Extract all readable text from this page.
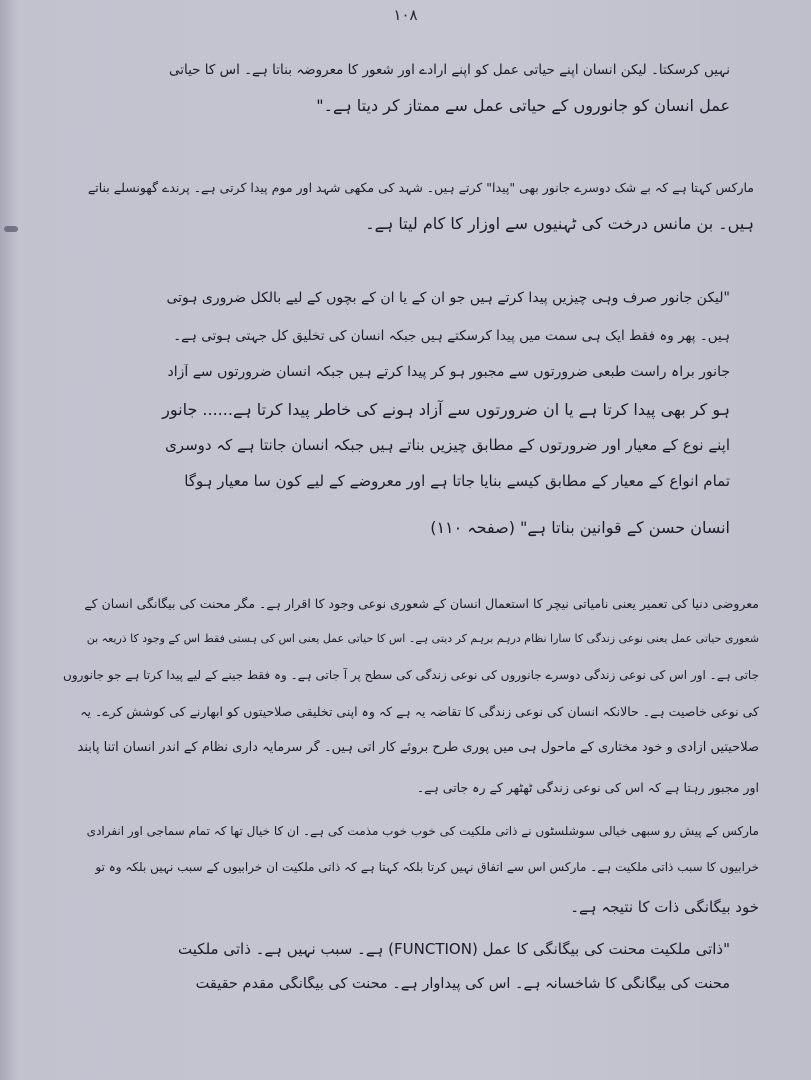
١٠٨
نہیں کرسکتا۔ لیکن انسان اپنے حیاتی عمل کو اپنے ارادے اور شعور کا معروضہ بناتا ہے۔ اس کا حیاتی
عمل انسان کو جانوروں کے حیاتی عمل سے ممتاز کر دیتا ہے۔"
مارکس کہتا ہے کہ بے شک دوسرے جانور بھی "پیدا" کرتے ہیں۔ شہد کی مکھی شہد اور موم پیدا کرتی ہے۔ پرندے گھونسلے بناتے
ہیں۔ بن مانس درخت کی ٹہنیوں سے اوزار کا کام لیتا ہے۔
"لیکن جانور صرف وہی چیزیں پیدا کرتے ہیں جو ان کے یا ان کے بچوں کے لیے بالکل ضروری ہوتی
ہیں۔ پھر وہ فقط ایک ہی سمت میں پیدا کرسکتے ہیں جبکہ انسان کی تخلیق کل جہتی ہوتی ہے۔
جانور براہ راست طبعی ضرورتوں سے مجبور ہو کر پیدا کرتے ہیں جبکہ انسان ضرورتوں سے آزاد
ہو کر بھی پیدا کرتا ہے یا ان ضرورتوں سے آزاد ہونے کی خاطر پیدا کرتا ہے...... جانور
اپنے نوع کے معیار اور ضرورتوں کے مطابق چیزیں بناتے ہیں جبکہ انسان جانتا ہے کہ دوسری
تمام انواع کے معیار کے مطابق کیسے بنایا جاتا ہے اور معروضے کے لیے کون سا معیار ہوگا
انسان حسن کے قوانین بناتا ہے" (صفحہ ١١٠)
معروضی دنیا کی تعمیر یعنی نامیاتی نیچر کا استعمال انسان کے شعوری نوعی وجود کا اقرار ہے۔ مگر محنت کی بیگانگی انسان کے
شعوری حیاتی عمل یعنی نوعی زندگی کا سارا نظام درہم برہم کر دیتی ہے۔ اس کا حیاتی عمل یعنی اس کی ہستی فقط اس کے وجود کا ذریعہ بن
جاتی ہے۔ اور اس کی نوعی زندگی دوسرے جانوروں کی نوعی زندگی کی سطح پر آ جاتی ہے۔ وہ فقط جینے کے لیے پیدا کرتا ہے جو جانوروں
کی نوعی خاصیت ہے۔ حالانکہ انسان کی نوعی زندگی کا تقاضہ یہ ہے کہ وہ اپنی تخلیقی صلاحیتوں کو ابھارنے کی کوشش کرے۔ یہ
صلاحیتیں آزادی و خود مختاری کے ماحول ہی میں پوری طرح بروئے کار آتی ہیں۔ گر سرمایہ داری نظام کے اندر انسان اتنا پابند
اور مجبور رہتا ہے کہ اس کی نوعی زندگی ٹھٹھر کے رہ جاتی ہے۔
مارکس کے پیش رو سبھی خیالی سوشلسٹوں نے ذاتی ملکیت کی خوب خوب مذمت کی ہے۔ ان کا خیال تھا کہ تمام سماجی اور انفرادی
خرابیوں کا سبب ذاتی ملکیت ہے۔ مارکس اس سے اتفاق نہیں کرتا بلکہ کہتا ہے کہ ذاتی ملکیت ان خرابیوں کے سبب نہیں بلکہ وہ تو
خود بیگانگی ذات کا نتیجہ ہے۔
"ذاتی ملکیت محنت کی بیگانگی کا عمل (FUNCTION) ہے۔ سبب نہیں ہے۔ ذاتی ملکیت
محنت کی بیگانگی کا شاخسانہ ہے۔ اس کی پیداوار ہے۔ محنت کی بیگانگی مقدم حقیقت
